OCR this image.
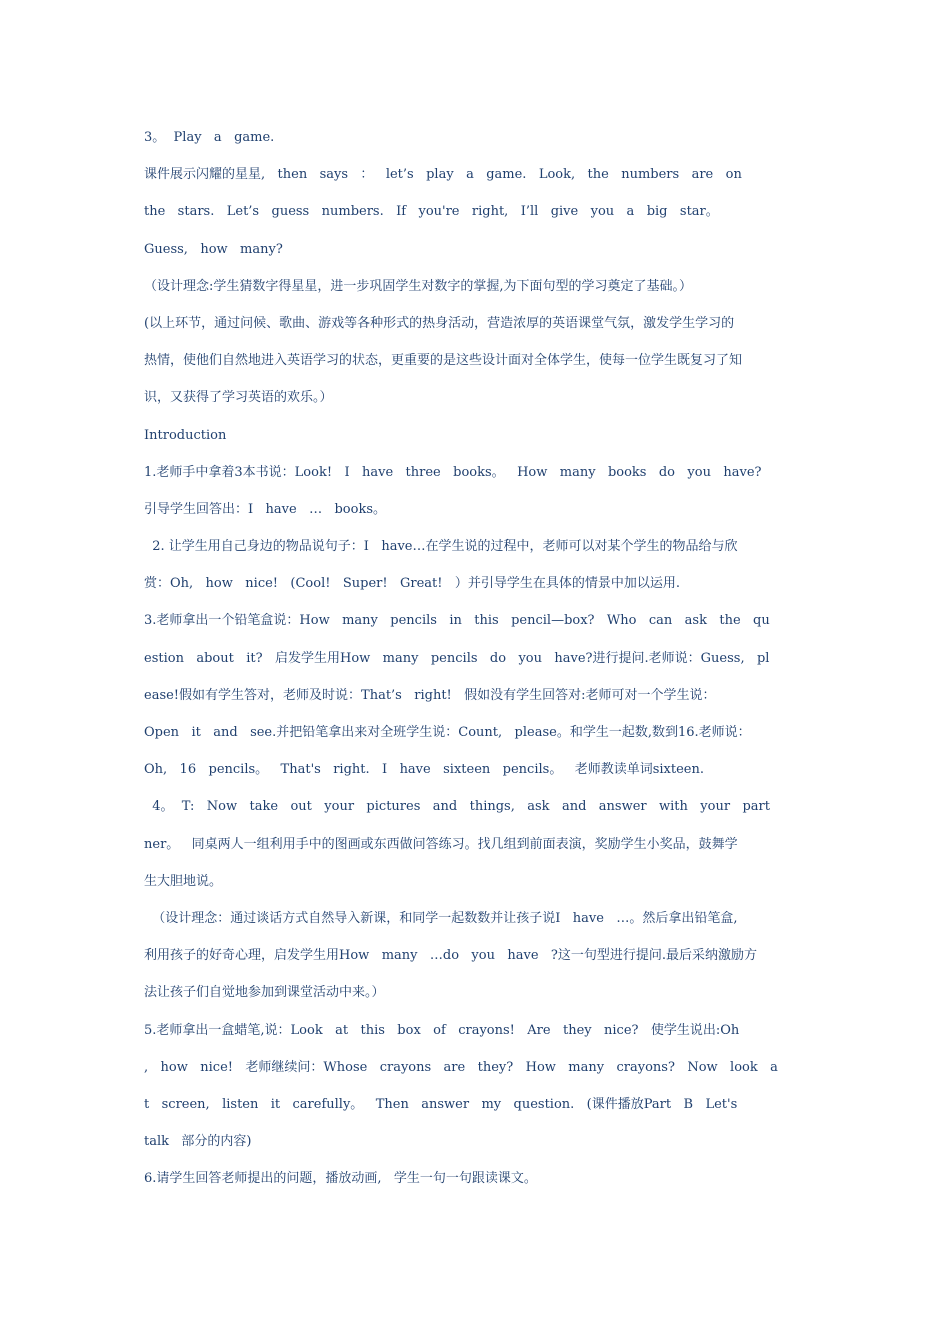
3。  Play   a   game.
课件展示闪耀的星星,   then   says   ：   let’s   play   a   game.   Look,   the   numbers   are   on
the   stars.   Let’s   guess   numbers.   If   you're   right,   I’ll   give   you   a   big   star。
Guess,   how   many?
（设计理念:学生猜数字得星星，进一步巩固学生对数字的掌握,为下面句型的学习奠定了基础。）
(以上环节，通过问候、歌曲、游戏等各种形式的热身活动，营造浓厚的英语课堂气氛，激发学生学习的
热情，使他们自然地进入英语学习的状态，更重要的是这些设计面对全体学生，使每一位学生既复习了知
识，又获得了学习英语的欢乐。）
Introduction
1.老师手中拿着3本书说：Look!   I   have   three   books。   How   many   books   do   you   have?
引导学生回答出：I   have   …   books。
2. 让学生用自己身边的物品说句子：I   have…在学生说的过程中，老师可以对某个学生的物品给与欣
赏：Oh,   how   nice!   (Cool!   Super!   Great!   ）并引导学生在具体的情景中加以运用.
3.老师拿出一个铅笔盒说：How   many   pencils   in   this   pencil—box?   Who   can   ask   the   qu
estion   about   it?   启发学生用How   many   pencils   do   you   have?进行提问.老师说：Guess,   pl
ease!假如有学生答对，老师及时说：That’s   right!   假如没有学生回答对:老师可对一个学生说：
Open   it   and   see.并把铅笔拿出来对全班学生说：Count,   please。和学生一起数,数到16.老师说：
Oh,   16   pencils。   That's   right.   I   have   sixteen   pencils。   老师教读单词sixteen.
4。  T:   Now   take   out   your   pictures   and   things,   ask   and   answer   with   your   part
ner。   同桌两人一组利用手中的图画或东西做问答练习。找几组到前面表演，奖励学生小奖品，鼓舞学
生大胆地说。
（设计理念：通过谈话方式自然导入新课，和同学一起数数并让孩子说I   have   …。然后拿出铅笔盒,
利用孩子的好奇心理，启发学生用How   many   …do   you   have   ?这一句型进行提问.最后采纳激励方
法让孩子们自觉地参加到课堂活动中来。）
5.老师拿出一盒蜡笔,说：Look   at   this   box   of   crayons!   Are   they   nice?   使学生说出:Oh
,   how   nice!   老师继续问：Whose   crayons   are   they?   How   many   crayons?   Now   look   a
t   screen,   listen   it   carefully。   Then   answer   my   question.   (课件播放Part   B   Let's
talk   部分的内容)
6.请学生回答老师提出的问题，播放动画,   学生一句一句跟读课文。
